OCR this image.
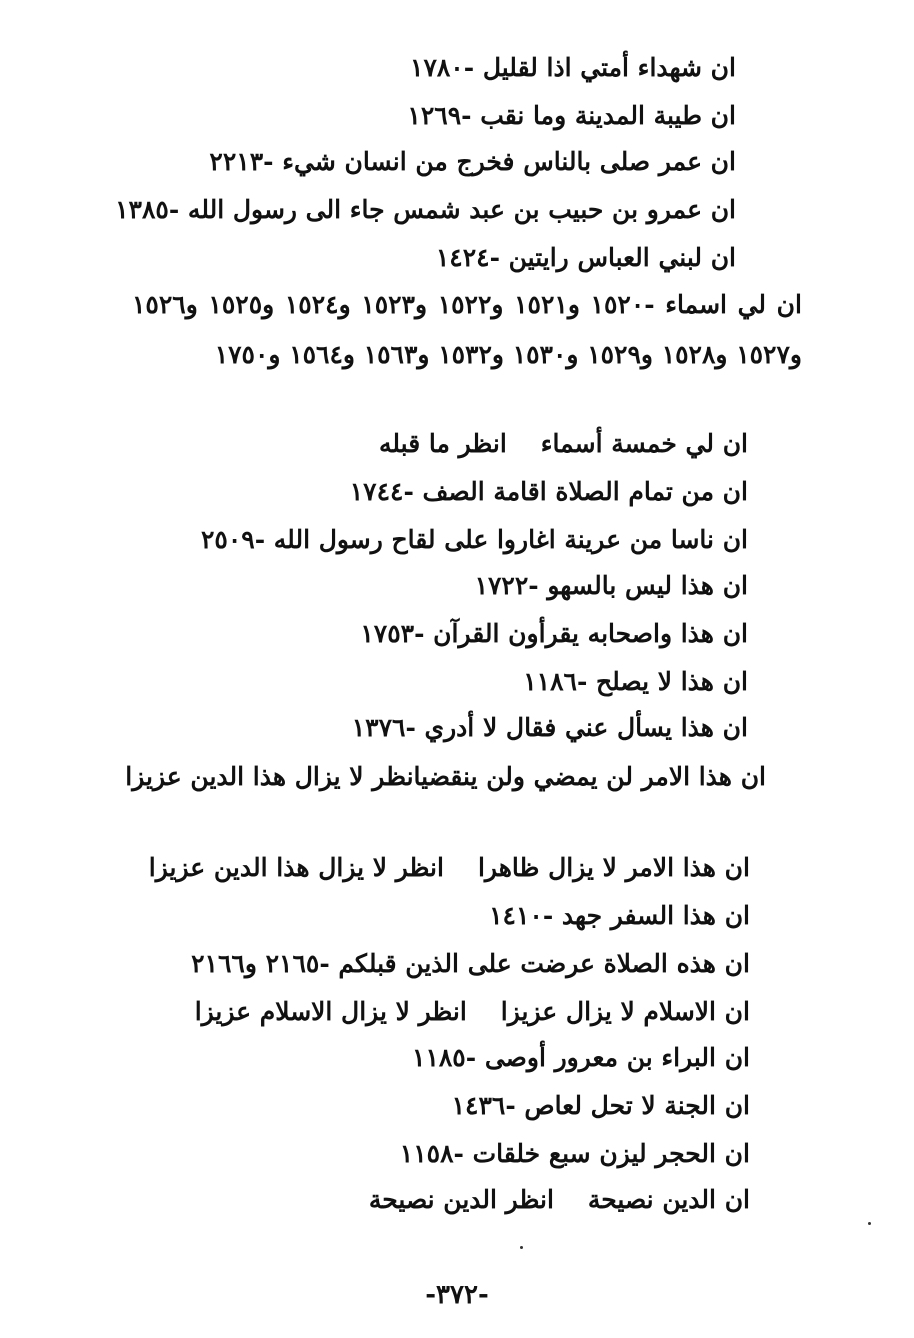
ان شهداء أمتي اذا لقليل -١٧٨٠
ان طيبة المدينة وما نقب -١٢٦٩
ان عمر صلى بالناس فخرج من انسان شيء -٢٢١٣
ان عمرو بن حبيب بن عبد شمس جاء الى رسول الله -١٣٨٥
ان لبني العباس رايتين -١٤٢٤
ان لي اسماء -١٥٢٠ و١٥٢١ و١٥٢٢ و١٥٢٣ و١٥٢٤ و١٥٢٥ و١٥٢٦ و١٥٢٧ و١٥٢٨ و١٥٢٩ و١٥٣٠ و١٥٣٢ و١٥٦٣ و١٥٦٤ و١٧٥٠
ان لي خمسة أسماءانظر ما قبله
ان من تمام الصلاة اقامة الصف -١٧٤٤
ان ناسا من عرينة اغاروا على لقاح رسول الله -٢٥٠٩
ان هذا ليس بالسهو -١٧٢٢
ان هذا واصحابه يقرأون القرآن -١٧٥٣
ان هذا لا يصلح -١١٨٦
ان هذا يسأل عني فقال لا أدري -١٣٧٦
ان هذا الامر لن يمضي ولن ينقضيانظر لا يزال هذا الدين عزيزا
ان هذا الامر لا يزال ظاهراانظر لا يزال هذا الدين عزيزا
ان هذا السفر جهد -١٤١٠
ان هذه الصلاة عرضت على الذين قبلكم -٢١٦٥ و٢١٦٦
ان الاسلام لا يزال عزيزاانظر لا يزال الاسلام عزيزا
ان البراء بن معرور أوصى -١١٨٥
ان الجنة لا تحل لعاص -١٤٣٦
ان الحجر ليزن سبع خلقات -١١٥٨
ان الدين نصيحةانظر الدين نصيحة
-٣٧٢-
